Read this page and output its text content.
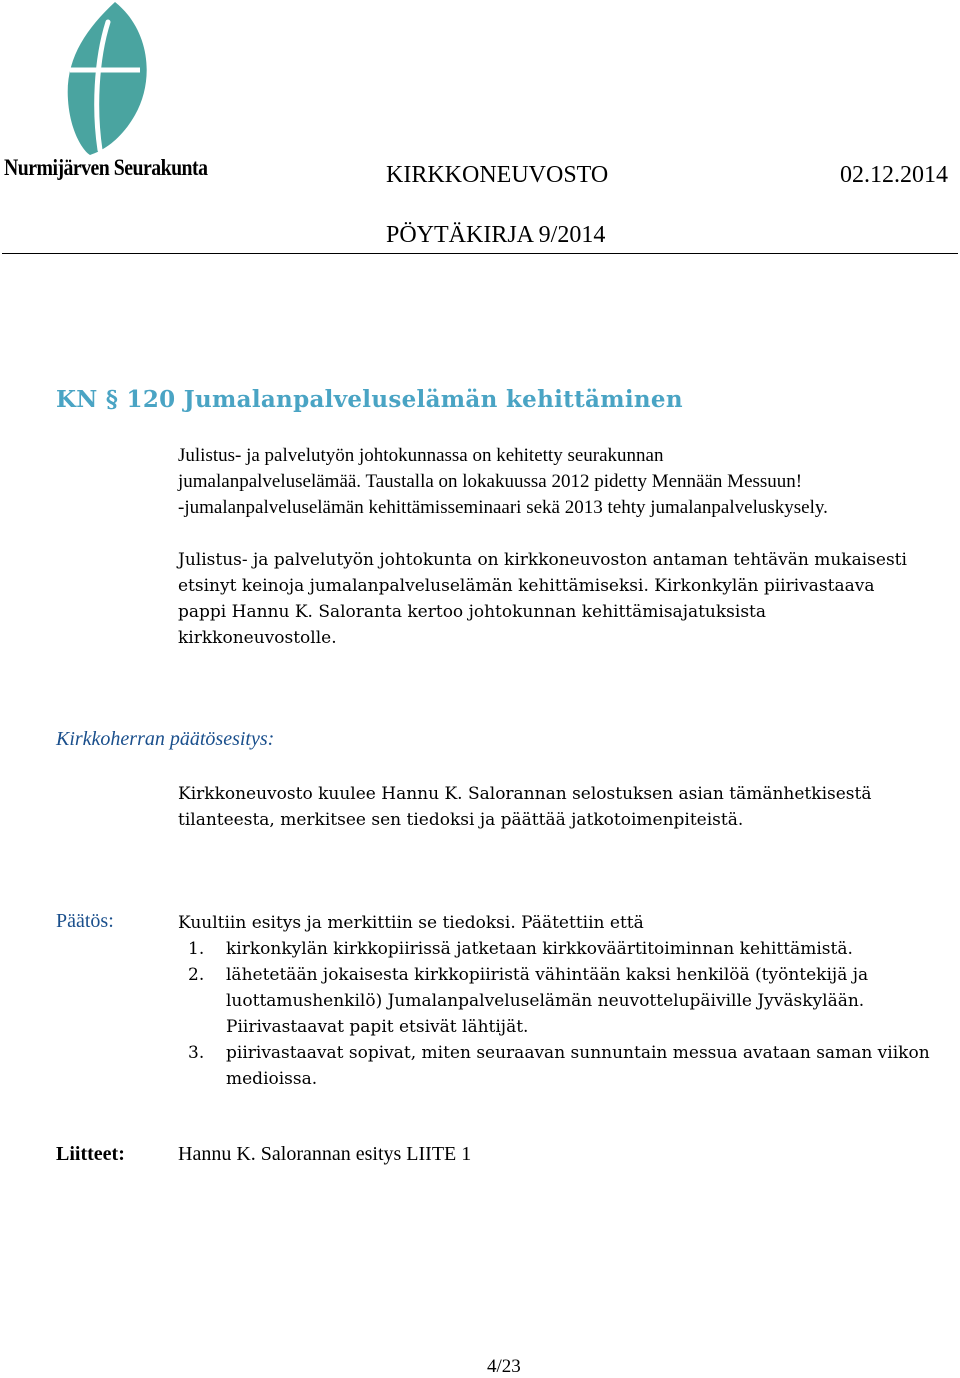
Nurmijärven Seurakunta	KIRKKONEUVOSTO	02.12.2014
PÖYTÄKIRJA 9/2014
KN § 120 Jumalanpalveluselämän kehittäminen
Julistus- ja palvelutyön johtokunnassa on kehitetty seurakunnan
jumalanpalveluselämää. Taustalla on lokakuussa 2012 pidetty Mennään Messuun!
-jumalanpalveluselämän kehittämisseminaari sekä 2013 tehty jumalanpalveluskysely.
Julistus- ja palvelutyön johtokunta on kirkkoneuvoston antaman tehtävän mukaisesti
etsinyt keinoja jumalanpalveluselämän kehittämiseksi. Kirkonkylän piirivastaava
pappi Hannu K. Saloranta kertoo johtokunnan kehittämisajatuksista
kirkkoneuvostolle.
Kirkkoherran päätösesitys:
Kirkkoneuvosto kuulee Hannu K. Salorannan selostuksen asian tämänhetkisestä
tilanteesta, merkitsee sen tiedoksi ja päättää jatkotoimenpiteistä.
Päätös:	Kuultiin esitys ja merkittiin se tiedoksi. Päätettiin että
1. kirkonkylän kirkkopiirissä jatketaan kirkkoväärtitoiminnan kehittämistä.
2. lähetetään jokaisesta kirkkopiiristä vähintään kaksi henkilöä (työntekijä ja
luottamushenkilö) Jumalanpalveluselämän neuvottelupäiville Jyväskylään.
Piirivastaavat papit etsivät lähtijät.
3. piirivastaavat sopivat, miten seuraavan sunnuntain messua avataan saman viikon
medioissa.
Liitteet:	Hannu K. Salorannan esitys LIITE 1
4/23
